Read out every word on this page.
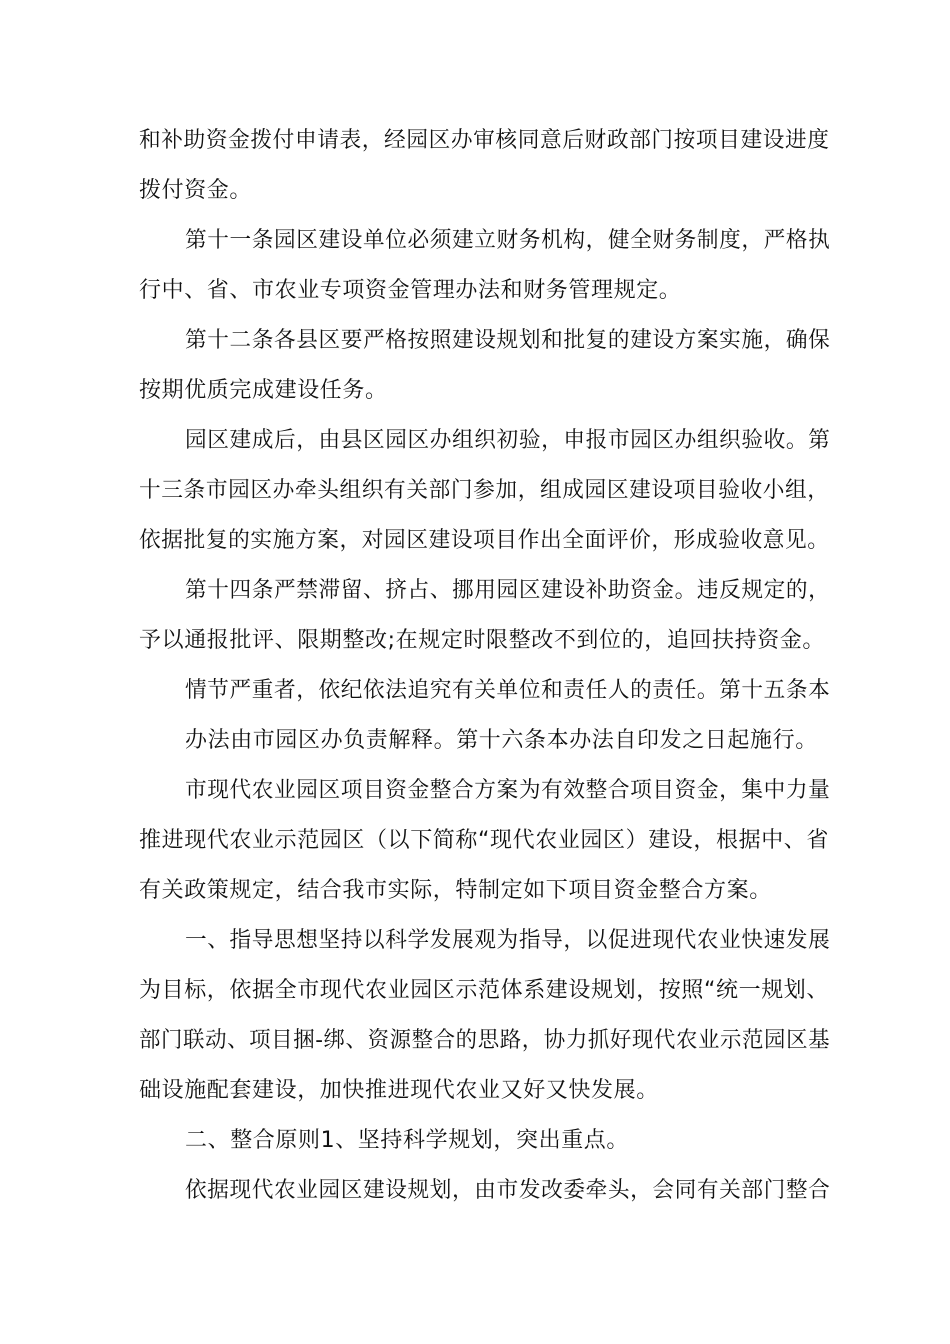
和补助资金拨付申请表，经园区办审核同意后财政部门按项目建设进度
拨付资金。
第十一条园区建设单位必须建立财务机构，健全财务制度，严格执
行中、省、市农业专项资金管理办法和财务管理规定。
第十二条各县区要严格按照建设规划和批复的建设方案实施，确保
按期优质完成建设任务。
园区建成后，由县区园区办组织初验，申报市园区办组织验收。第
十三条市园区办牵头组织有关部门参加，组成园区建设项目验收小组，
依据批复的实施方案，对园区建设项目作出全面评价，形成验收意见。
第十四条严禁滞留、挤占、挪用园区建设补助资金。违反规定的，
予以通报批评、限期整改;在规定时限整改不到位的，追回扶持资金。
情节严重者，依纪依法追究有关单位和责任人的责任。第十五条本
办法由市园区办负责解释。第十六条本办法自印发之日起施行。
市现代农业园区项目资金整合方案为有效整合项目资金，集中力量
推进现代农业示范园区（以下简称“现代农业园区）建设，根据中、省
有关政策规定，结合我市实际，特制定如下项目资金整合方案。
一、指导思想坚持以科学发展观为指导，以促进现代农业快速发展
为目标，依据全市现代农业园区示范体系建设规划，按照“统一规划、
部门联动、项目捆-绑、资源整合的思路，协力抓好现代农业示范园区基
础设施配套建设，加快推进现代农业又好又快发展。
二、整合原则1、坚持科学规划，突出重点。
依据现代农业园区建设规划，由市发改委牵头，会同有关部门整合
